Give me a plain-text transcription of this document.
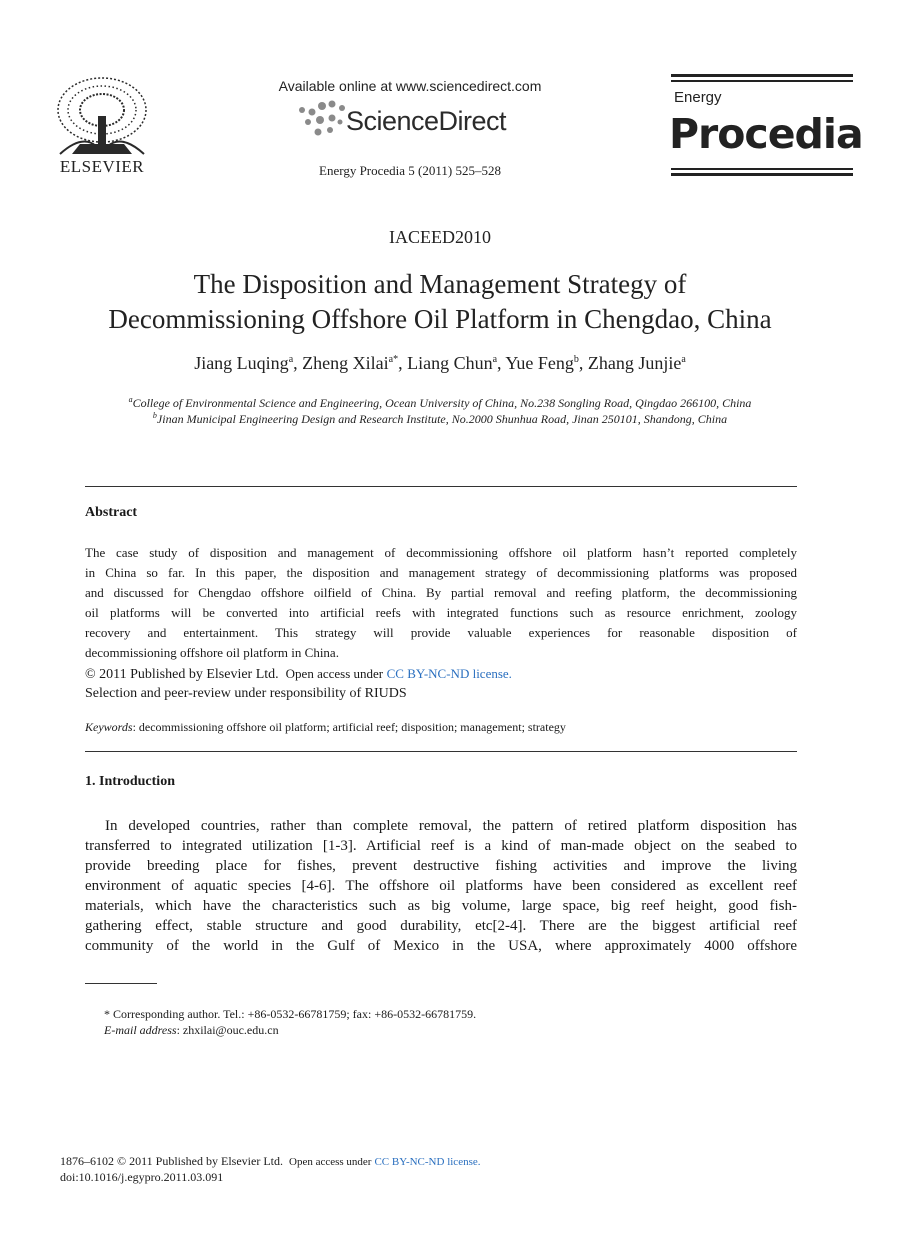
ELSEVIER
Available online at www.sciencedirect.com
ScienceDirect
Energy Procedia 5 (2011) 525–528
Energy
Procedia
IACEED2010
The Disposition and Management Strategy of
Decommissioning Offshore Oil Platform in Chengdao, China
Jiang Luqing$^a$, Zheng Xilai$^{a*}$, Liang Chun$^a$, Yue Feng$^b$, Zhang Junjie$^a$
$^a$College of Environmental Science and Engineering, Ocean University of China, No.238 Songling Road, Qingdao 266100, China
$^b$Jinan Municipal Engineering Design and Research Institute, No.2000 Shunhua Road, Jinan 250101, Shandong, China
Abstract

The case study of disposition and management of decommissioning offshore oil platform hasn’t reported completely

in China so far. In this paper, the disposition and management strategy of decommissioning platforms was proposed

and discussed for Chengdao offshore oilfield of China. By partial removal and reefing platform, the decommissioning

oil platforms will be converted into artificial reefs with integrated functions such as resource enrichment, zoology

recovery and entertainment. This strategy will provide valuable experiences for reasonable disposition of

decommissioning offshore oil platform in China.

© 2011 Published by Elsevier Ltd. Open access under CC BY-NC-ND license.
Selection and peer-review under responsibility of RIUDS
Keywords: decommissioning offshore oil platform; artificial reef; disposition; management; strategy
1. Introduction

In developed countries, rather than complete removal, the pattern of retired platform disposition has

transferred to integrated utilization [1-3]. Artificial reef is a kind of man-made object on the seabed to

provide breeding place for fishes, prevent destructive fishing activities and improve the living

environment of aquatic species [4-6]. The offshore oil platforms have been considered as excellent reef

materials, which have the characteristics such as big volume, large space, big reef height, good fish-

gathering effect, stable structure and good durability, etc[2-4]. There are the biggest artificial reef

community of the world in the Gulf of Mexico in the USA, where approximately 4000 offshore

* Corresponding author. Tel.: +86-0532-66781759; fax: +86-0532-66781759.
E-mail address: zhxilai@ouc.edu.cn
1876–6102 © 2011 Published by Elsevier Ltd. Open access under CC BY-NC-ND license.
doi:10.1016/j.egypro.2011.03.091
